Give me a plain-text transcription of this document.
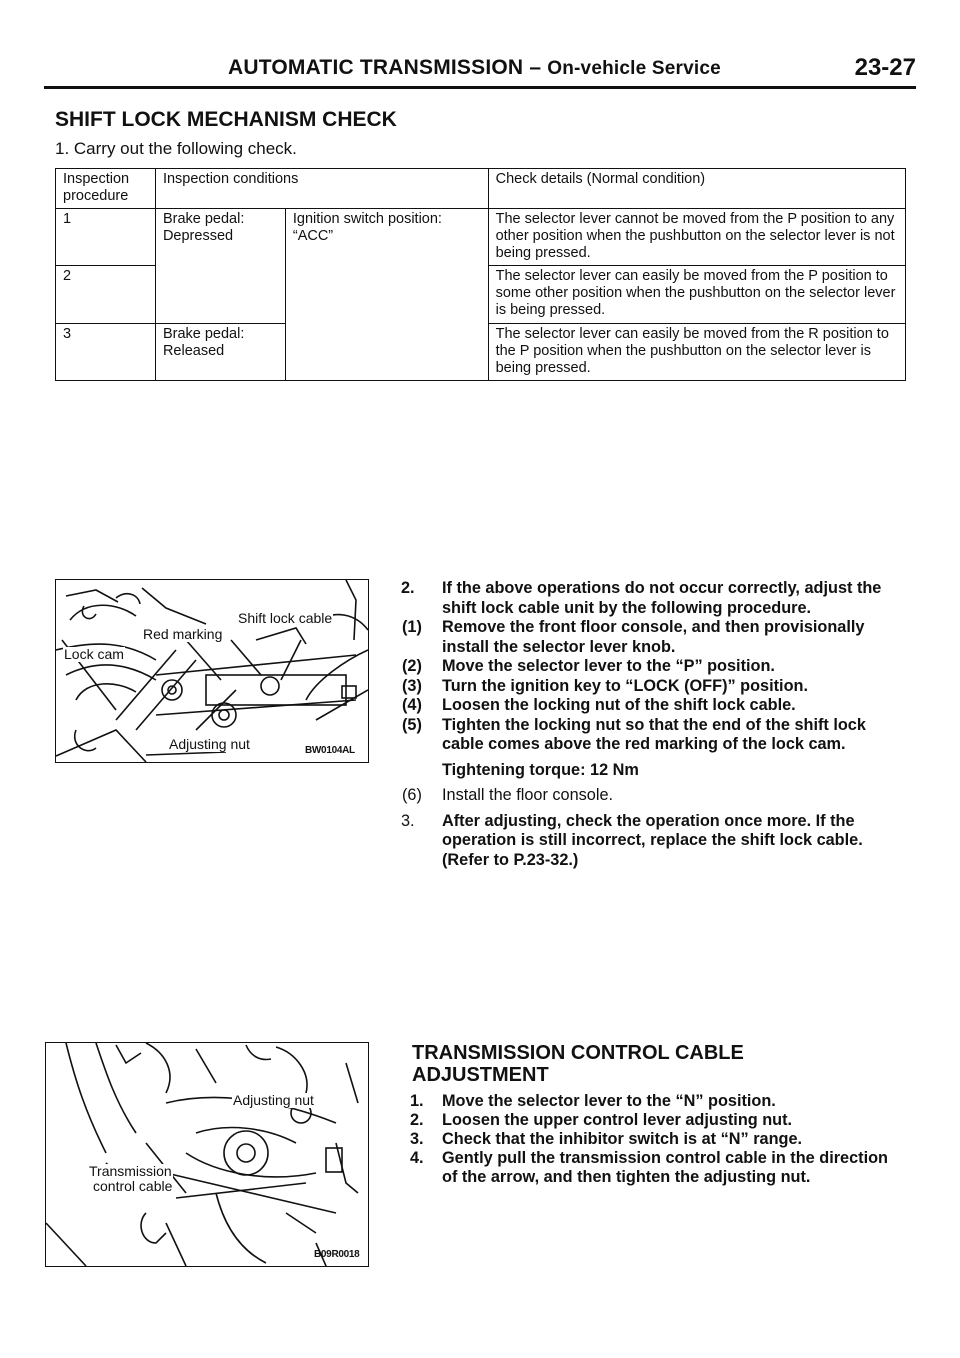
AUTOMATIC TRANSMISSION – On-vehicle Service	23-27
SHIFT LOCK MECHANISM CHECK
1. Carry out the following check.
Inspection procedure	Inspection conditions		Check details (Normal condition)
1	Brake pedal: Depressed	Ignition switch position: “ACC”	The selector lever cannot be moved from the P position to any other position when the pushbutton on the selector lever is not being pressed.
2			The selector lever can easily be moved from the P position to some other position when the pushbutton on the selector lever is being pressed.
3	Brake pedal: Released		The selector lever can easily be moved from the R position to the P position when the pushbutton on the selector lever is being pressed.
Shift lock cable
Red marking
Lock cam
Adjusting nut	BW0104AL
2. If the above operations do not occur correctly, adjust the shift lock cable unit by the following procedure.
(1) Remove the front floor console, and then provisionally install the selector lever knob.
(2) Move the selector lever to the “P” position.
(3) Turn the ignition key to “LOCK (OFF)” position.
(4) Loosen the locking nut of the shift lock cable.
(5) Tighten the locking nut so that the end of the shift lock cable comes above the red marking of the lock cam.
Tightening torque: 12 Nm
(6) Install the floor console.
3. After adjusting, check the operation once more. If the operation is still incorrect, replace the shift lock cable. (Refer to P.23-32.)
Adjusting nut
Transmission
control cable
B09R0018
TRANSMISSION CONTROL CABLE
ADJUSTMENT
1. Move the selector lever to the “N” position.
2. Loosen the upper control lever adjusting nut.
3. Check that the inhibitor switch is at “N” range.
4. Gently pull the transmission control cable in the direction of the arrow, and then tighten the adjusting nut.
